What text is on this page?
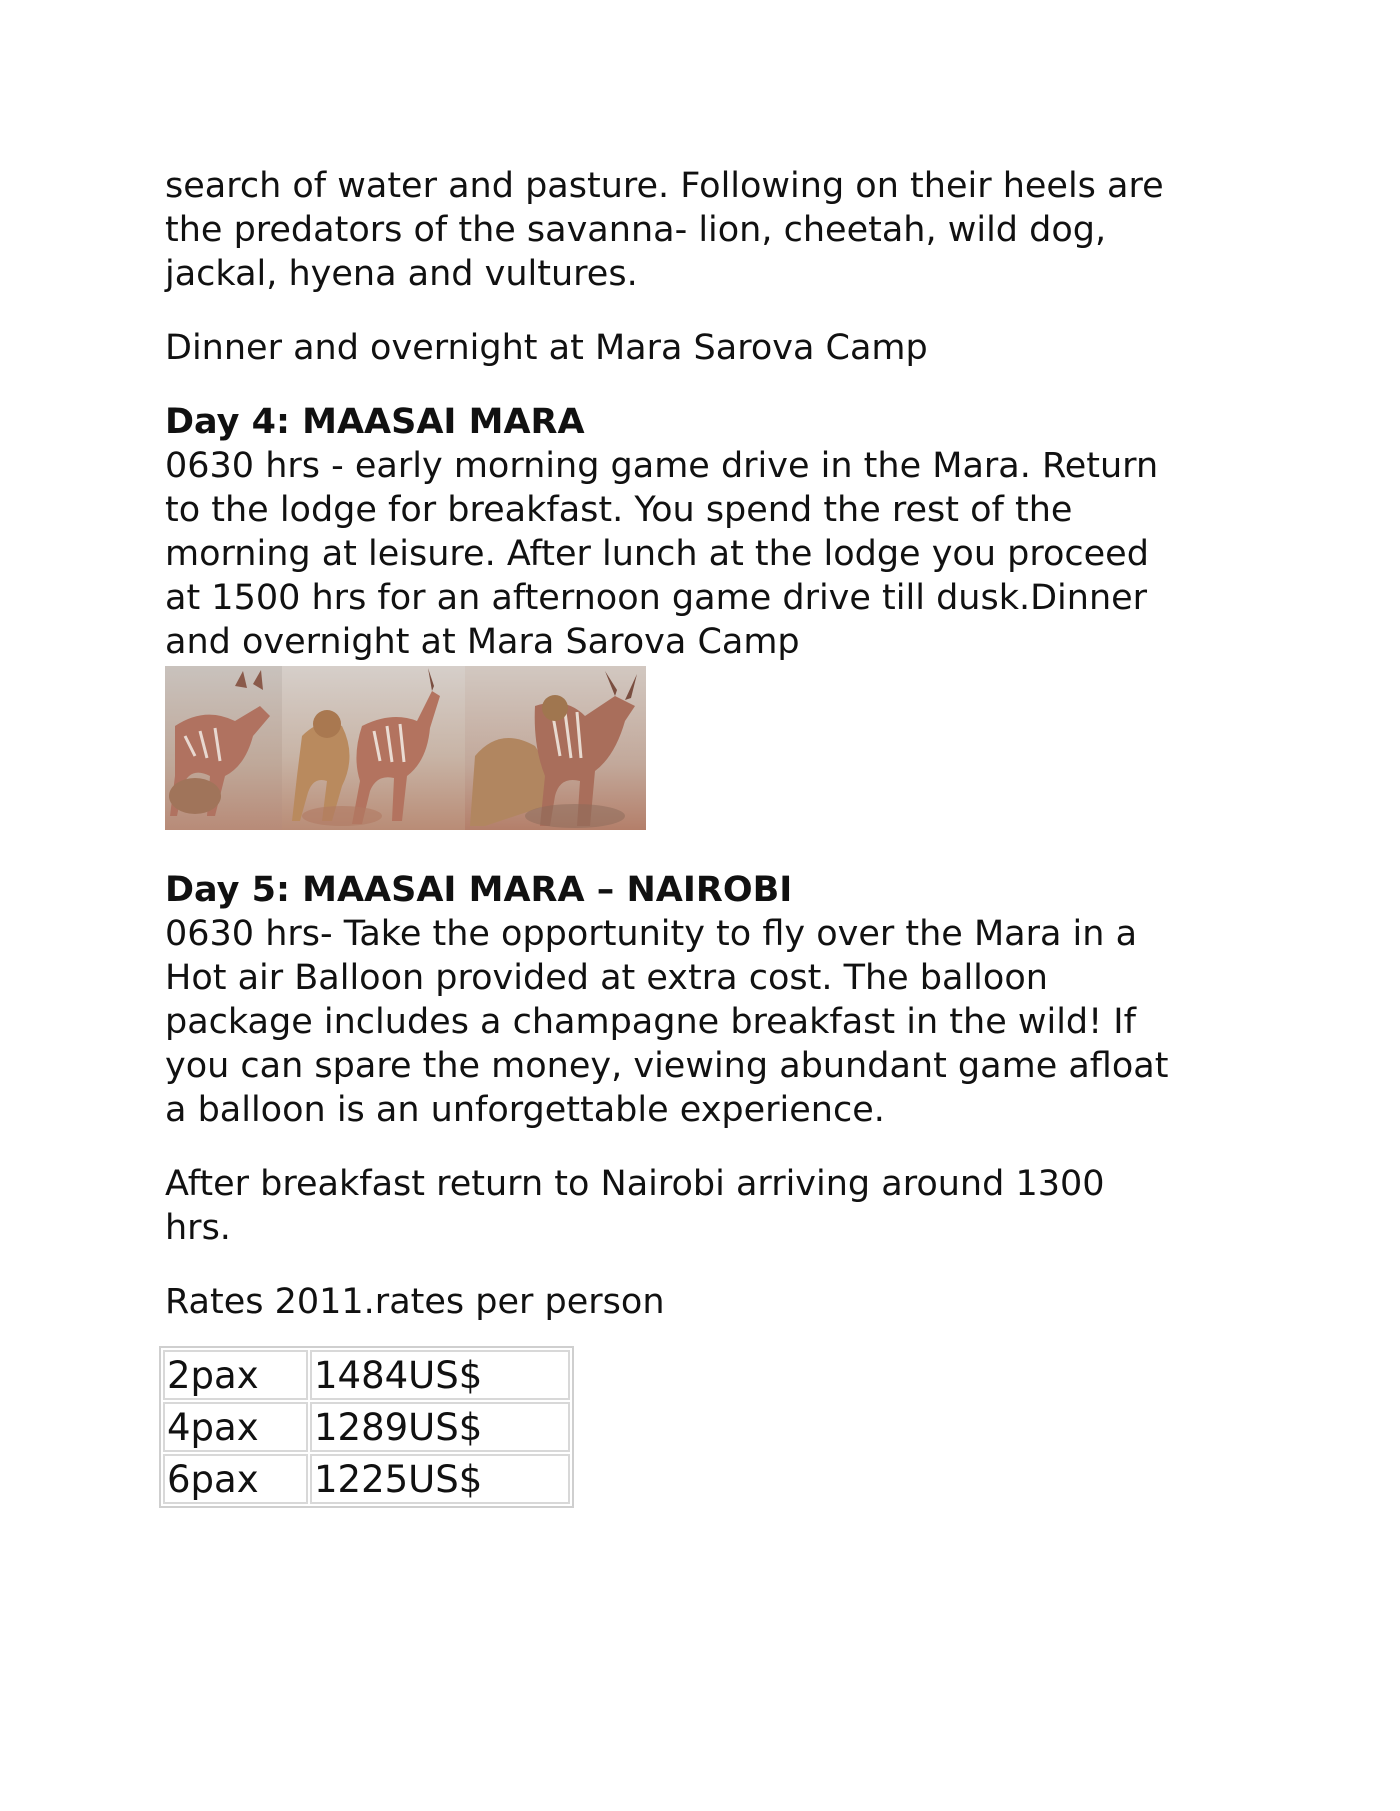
search of water and pasture. Following on their heels are

the predators of the savanna- lion, cheetah, wild dog,

jackal, hyena and vultures.

Dinner and overnight at Mara Sarova Camp

Day 4: MAASAI MARA

0630 hrs - early morning game drive in the Mara. Return

to the lodge for breakfast. You spend the rest of the

morning at leisure. After lunch at the lodge you proceed

at 1500 hrs for an afternoon game drive till dusk.Dinner

and overnight at Mara Sarova Camp

Day 5: MAASAI MARA – NAIROBI

0630 hrs- Take the opportunity to fly over the Mara in a

Hot air Balloon provided at extra cost. The balloon

package includes a champagne breakfast in the wild! If

you can spare the money, viewing abundant game afloat

a balloon is an unforgettable experience.

After breakfast return to Nairobi arriving around 1300

hrs.

Rates 2011.rates per person

2pax	1484US$
4pax	1289US$
6pax	1225US$
